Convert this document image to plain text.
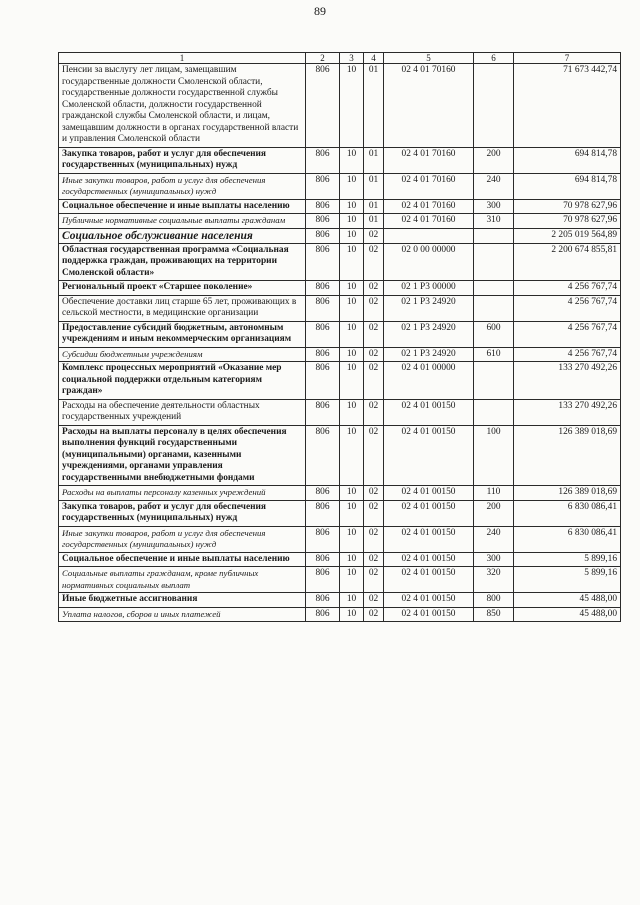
89
1	2	3	4	5	6	7
Пенсии за выслугу лет лицам, замещавшим государственные должности Смоленской области, государственные должности государственной службы Смоленской области, должности государственной гражданской службы Смоленской области, и лицам, замещавшим должности в органах государственной власти и управления Смоленской области	806	10	01	02 4 01 70160		71 673 442,74
Закупка товаров, работ и услуг для обеспечения государственных (муниципальных) нужд	806	10	01	02 4 01 70160	200	694 814,78
Иные закупки товаров, работ и услуг для обеспечения государственных (муниципальных) нужд	806	10	01	02 4 01 70160	240	694 814,78
Социальное обеспечение и иные выплаты населению	806	10	01	02 4 01 70160	300	70 978 627,96
Публичные нормативные социальные выплаты гражданам	806	10	01	02 4 01 70160	310	70 978 627,96
Социальное обслуживание населения	806	10	02			2 205 019 564,89
Областная государственная программа «Социальная поддержка граждан, проживающих на территории Смоленской области»	806	10	02	02 0 00 00000		2 200 674 855,81
Региональный проект «Старшее поколение»	806	10	02	02 1 P3 00000		4 256 767,74
Обеспечение доставки лиц старше 65 лет, проживающих в сельской местности, в медицинские организации	806	10	02	02 1 P3 24920		4 256 767,74
Предоставление субсидий бюджетным, автономным учреждениям и иным некоммерческим организациям	806	10	02	02 1 P3 24920	600	4 256 767,74
Субсидии бюджетным учреждениям	806	10	02	02 1 P3 24920	610	4 256 767,74
Комплекс процессных мероприятий «Оказание мер социальной поддержки отдельным категориям граждан»	806	10	02	02 4 01 00000		133 270 492,26
Расходы на обеспечение деятельности областных государственных учреждений	806	10	02	02 4 01 00150		133 270 492,26
Расходы на выплаты персоналу в целях обеспечения выполнения функций государственными (муниципальными) органами, казенными учреждениями, органами управления государственными внебюджетными фондами	806	10	02	02 4 01 00150	100	126 389 018,69
Расходы на выплаты персоналу казенных учреждений	806	10	02	02 4 01 00150	110	126 389 018,69
Закупка товаров, работ и услуг для обеспечения государственных (муниципальных) нужд	806	10	02	02 4 01 00150	200	6 830 086,41
Иные закупки товаров, работ и услуг для обеспечения государственных (муниципальных) нужд	806	10	02	02 4 01 00150	240	6 830 086,41
Социальное обеспечение и иные выплаты населению	806	10	02	02 4 01 00150	300	5 899,16
Социальные выплаты гражданам, кроме публичных нормативных социальных выплат	806	10	02	02 4 01 00150	320	5 899,16
Иные бюджетные ассигнования	806	10	02	02 4 01 00150	800	45 488,00
Уплата налогов, сборов и иных платежей	806	10	02	02 4 01 00150	850	45 488,00
